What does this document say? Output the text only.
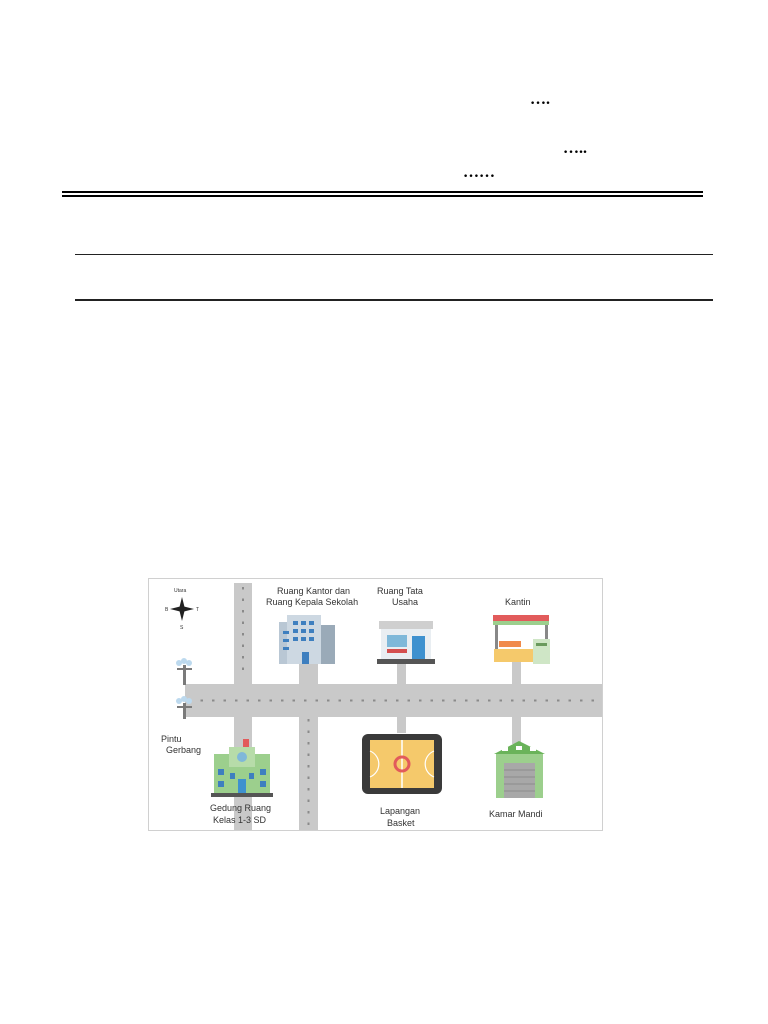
….
…..
……
Utara
B	T
S
Pintu
Gerbang
Ruang Kantor dan
Ruang Kepala Sekolah
Ruang Tata
Usaha	Kantin
Gedung Ruang
Kelas 1-3 SD
Lapangan
Basket
Kamar Mandi
